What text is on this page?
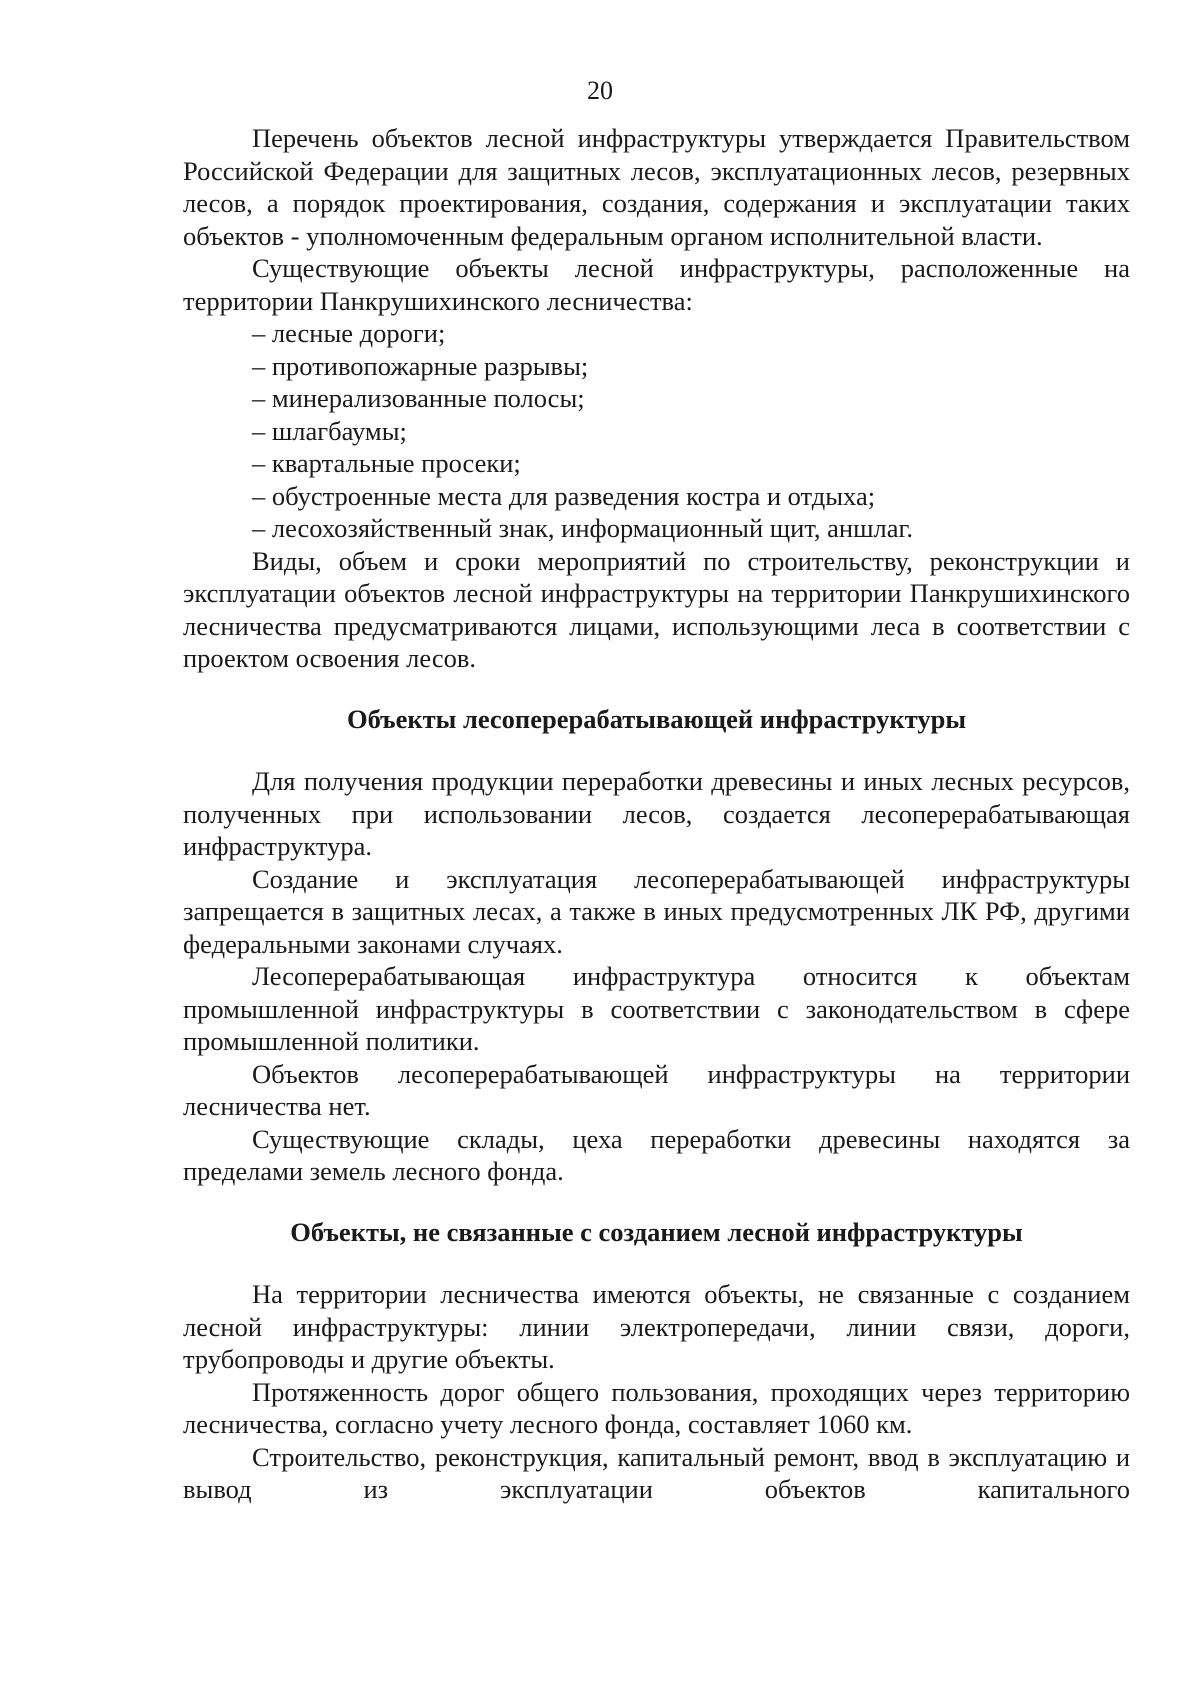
20

Перечень объектов лесной инфраструктуры утверждается Правительством Российской Федерации для защитных лесов, эксплуатационных лесов, резервных лесов, а порядок проектирования, создания, содержания и эксплуатации таких объектов - уполномоченным федеральным органом исполнительной власти.

Существующие объекты лесной инфраструктуры, расположенные на территории Панкрушихинского лесничества:

– лесные дороги;

– противопожарные разрывы;

– минерализованные полосы;

– шлагбаумы;

– квартальные просеки;

– обустроенные места для разведения костра и отдыха;

– лесохозяйственный знак, информационный щит, аншлаг.

Виды, объем и сроки мероприятий по строительству, реконструкции и эксплуатации объектов лесной инфраструктуры на территории Панкрушихинского лесничества предусматриваются лицами, использующими леса в соответствии с проектом освоения лесов.

Объекты лесоперерабатывающей инфраструктуры

Для получения продукции переработки древесины и иных лесных ресурсов, полученных при использовании лесов, создается лесоперерабатывающая инфраструктура.

Создание и эксплуатация лесоперерабатывающей инфраструктуры запрещается в защитных лесах, а также в иных предусмотренных ЛК РФ, другими федеральными законами случаях.

Лесоперерабатывающая инфраструктура относится к объектам промышленной инфраструктуры в соответствии с законодательством в сфере промышленной политики.

Объектов лесоперерабатывающей инфраструктуры на территории лесничества нет.

Существующие склады, цеха переработки древесины находятся за пределами земель лесного фонда.

Объекты, не связанные с созданием лесной инфраструктуры

На территории лесничества имеются объекты, не связанные с созданием лесной инфраструктуры: линии электропередачи, линии связи, дороги, трубопроводы и другие объекты.

Протяженность дорог общего пользования, проходящих через территорию лесничества, согласно учету лесного фонда, составляет 1060 км.

Строительство, реконструкция, капитальный ремонт, ввод в эксплуатацию и вывод из эксплуатации объектов капитального
